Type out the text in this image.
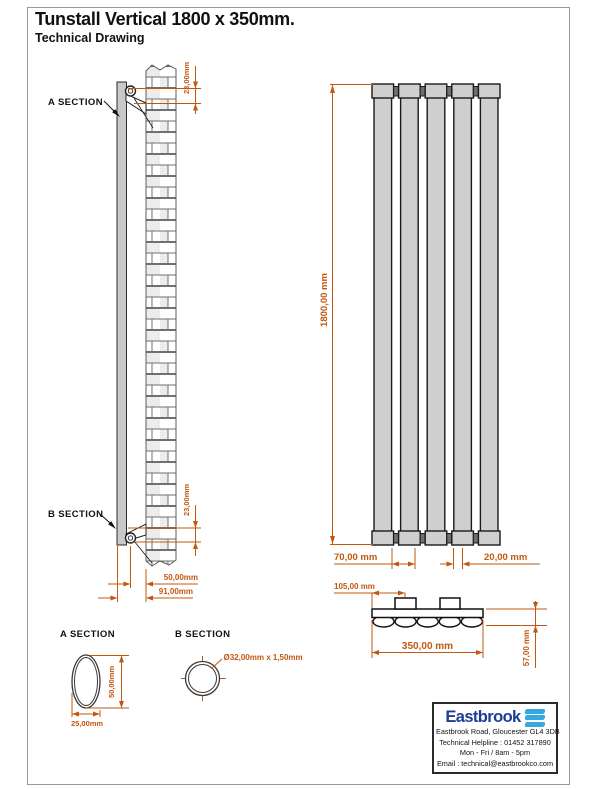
Tunstall Vertical 1800 x 350mm.
Technical Drawing
A SECTION
B SECTION
23,00mm
23,00mm
50,00mm
91,00mm
1800,00 mm
70,00 mm	20,00 mm
105,00 mm
350,00 mm	57,00 mm
A SECTION
50,00mm
25,00mm
B SECTION
Ø32,00mm x 1,50mm
Eastbrook
Eastbrook Road, Gloucester GL4 3DB
Technical Helpline : 01452 317890
Mon - Fri / 8am - 5pm
Email : technical@eastbrookco.com
